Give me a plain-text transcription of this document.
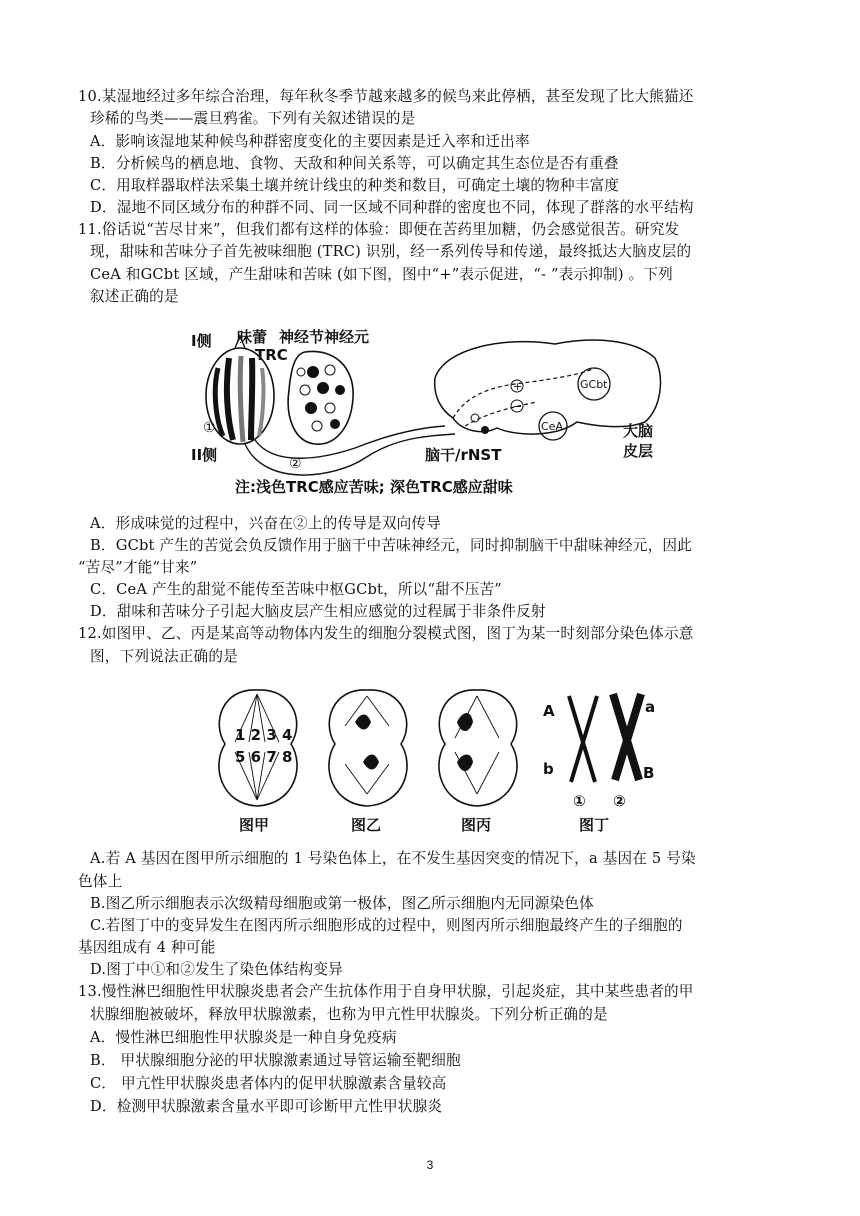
10.某湿地经过多年综合治理，每年秋冬季节越来越多的候鸟来此停栖，甚至发现了比大熊猫还
珍稀的鸟类——震旦鸦雀。下列有关叙述错误的是
A．影响该湿地某种候鸟种群密度变化的主要因素是迁入率和迁出率
B．分析候鸟的栖息地、食物、天敌和种间关系等，可以确定其生态位是否有重叠
C．用取样器取样法采集土壤并统计线虫的种类和数目，可确定土壤的物种丰富度
D．湿地不同区域分布的种群不同、同一区域不同种群的密度也不同，体现了群落的水平结构
11.俗话说“苦尽甘来”，但我们都有这样的体验：即便在苦药里加糖，仍会感觉很苦。研究发
现，甜味和苦味分子首先被味细胞 (TRC) 识别，经一系列传导和传递，最终抵达大脑皮层的
CeA 和GCbt 区域，产生甜味和苦味 (如下图，图中“+”表示促进，“- ”表示抑制) 。下列
叙述正确的是
I侧
II侧
味蕾 神经节神经元
TRC
①
②	脑干/rNST
大脑
皮层
GCbt
CeA
+
−
注:浅色TRC感应苦味; 深色TRC感应甜味
A．形成味觉的过程中，兴奋在②上的传导是双向传导
B．GCbt 产生的苦觉会负反馈作用于脑干中苦味神经元，同时抑制脑干中甜味神经元，因此
“苦尽”才能“甘来”
C．CeA 产生的甜觉不能传至苦味中枢GCbt，所以“甜不压苦”
D．甜味和苦味分子引起大脑皮层产生相应感觉的过程属于非条件反射
12.如图甲、乙、丙是某高等动物体内发生的细胞分裂模式图，图丁为某一时刻部分染色体示意
图，下列说法正确的是
1 2 3 4
5 6 7 8
A	a
b	B
① ②
图甲	图乙	图丙	图丁
A.若 A 基因在图甲所示细胞的 1 号染色体上，在不发生基因突变的情况下，a 基因在 5 号染
色体上
B.图乙所示细胞表示次级精母细胞或第一极体，图乙所示细胞内无同源染色体
C.若图丁中的变异发生在图丙所示细胞形成的过程中，则图丙所示细胞最终产生的子细胞的
基因组成有 4 种可能
D.图丁中①和②发生了染色体结构变异
13.慢性淋巴细胞性甲状腺炎患者会产生抗体作用于自身甲状腺，引起炎症，其中某些患者的甲
状腺细胞被破坏，释放甲状腺激素，也称为甲亢性甲状腺炎。下列分析正确的是
A．慢性淋巴细胞性甲状腺炎是一种自身免疫病
B． 甲状腺细胞分泌的甲状腺激素通过导管运输至靶细胞
C． 甲亢性甲状腺炎患者体内的促甲状腺激素含量较高
D．检测甲状腺激素含量水平即可诊断甲亢性甲状腺炎
3
